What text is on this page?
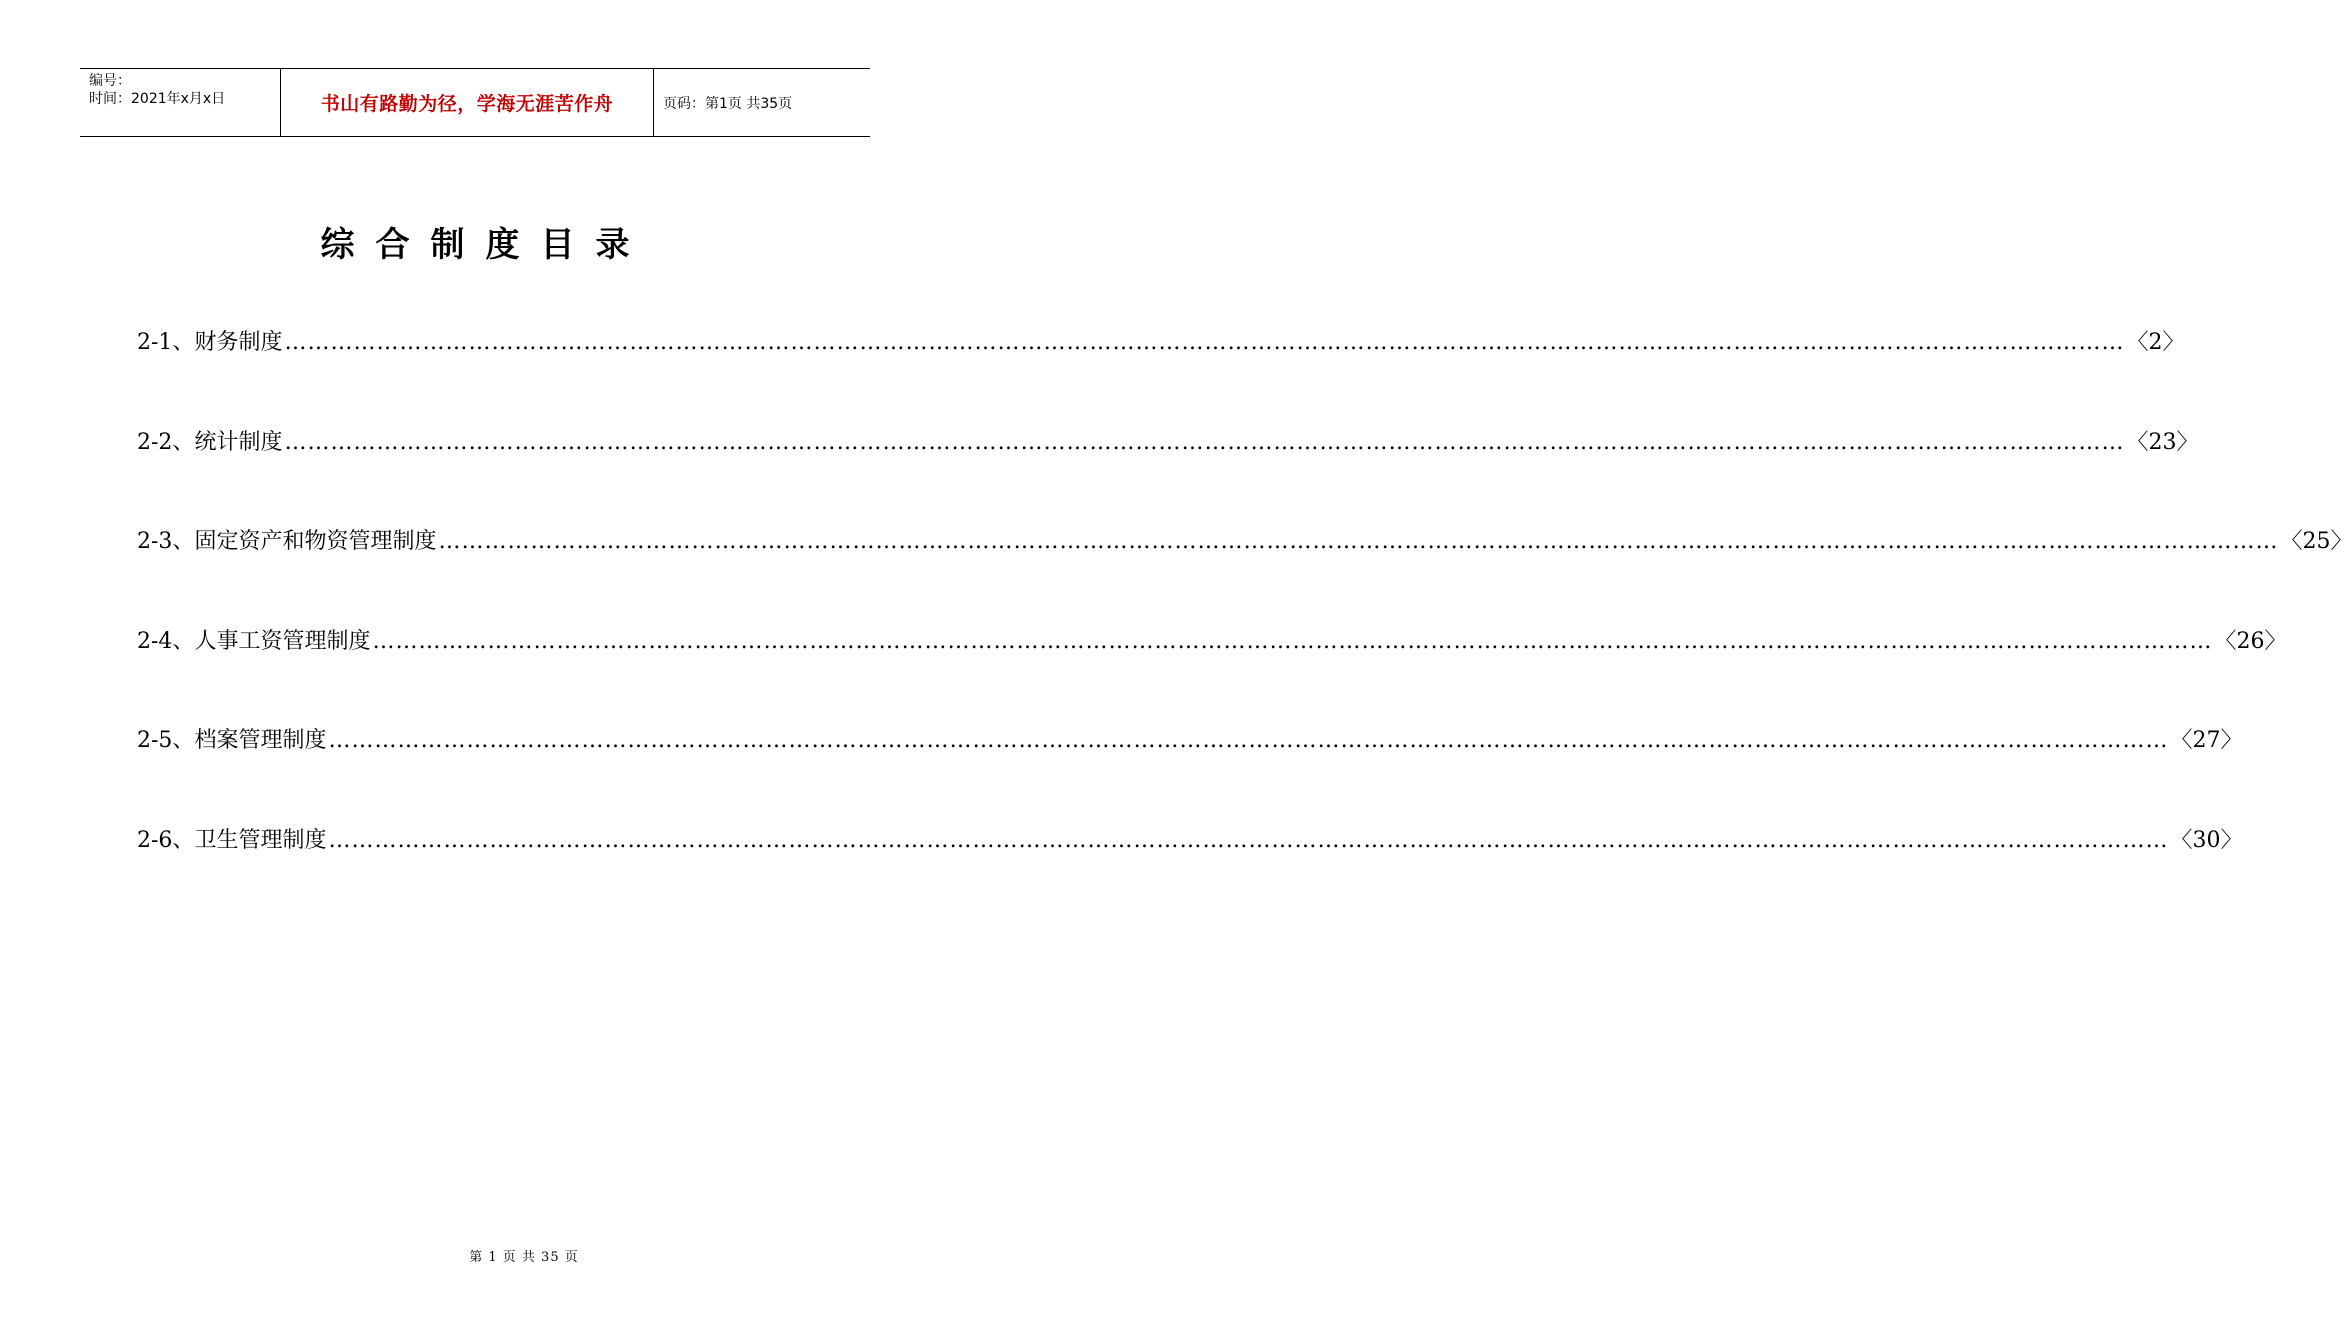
编号：
时间：2021年x月x日	书山有路勤为径，学海无涯苦作舟	页码：第1页 共35页
综合制度目录
2-1、 财务制度 …………………………………………………………………………………………………………………………………………………………………………………………………………………… 〈2〉
2-2、 统计制度 …………………………………………………………………………………………………………………………………………………………………………………………………………………… 〈23〉
2-3、 固定资产和物资管理制度 …………………………………………………………………………………………………………………………………………………………………………………………………………………… 〈25〉
2-4、 人事工资管理制度 …………………………………………………………………………………………………………………………………………………………………………………………………………………… 〈26〉
2-5、 档案管理制度 …………………………………………………………………………………………………………………………………………………………………………………………………………………… 〈27〉
2-6、 卫生管理制度 …………………………………………………………………………………………………………………………………………………………………………………………………………………… 〈30〉
第 1 页 共 35 页
